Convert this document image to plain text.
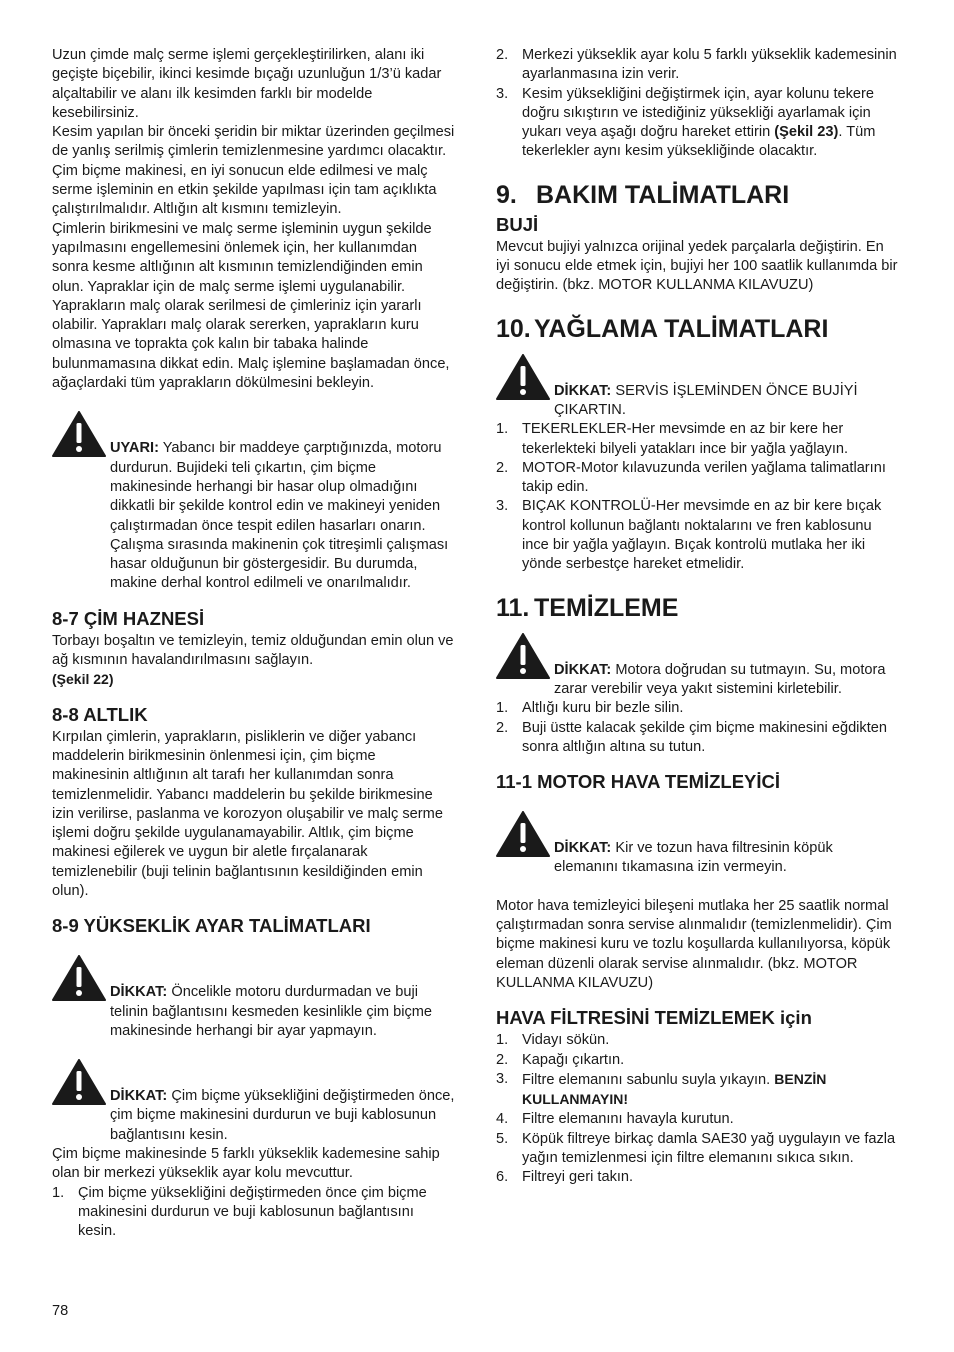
Uzun çimde malç serme işlemi gerçekleştirilirken, alanı iki geçişte biçebilir, ikinci kesimde bıçağı uzunluğun 1/3’ü kadar alçaltabilir ve alanı ilk kesimden farklı bir modelde kesebilirsiniz.

Kesim yapılan bir önceki şeridin bir miktar üzerinden geçilmesi de yanlış serilmiş çimlerin temizlenmesine yardımcı olacaktır. Çim biçme makinesi, en iyi sonucun elde edilmesi ve malç serme işleminin en etkin şekilde yapılması için tam açıklıkta çalıştırılmalıdır. Altlığın alt kısmını temizleyin.

Çimlerin birikmesini ve malç serme işleminin uygun şekilde yapılmasını engellemesini önlemek için, her kullanımdan sonra kesme altlığının alt kısmının temizlendiğinden emin olun. Yapraklar için de malç serme işlemi uygulanabilir. Yaprakların malç olarak serilmesi de çimleriniz için yararlı olabilir. Yaprakları malç olarak sererken, yaprakların kuru olmasına ve toprakta çok kalın bir tabaka halinde bulunmamasına dikkat edin. Malç işlemine başlamadan önce, ağaçlardaki tüm yaprakların dökülmesini bekleyin.

UYARI: Yabancı bir maddeye çarptığınızda, motoru durdurun. Bujideki teli çıkartın, çim biçme makinesinde herhangi bir hasar olup olmadığını dikkatli bir şekilde kontrol edin ve makineyi yeniden çalıştırmadan önce tespit edilen hasarları onarın. Çalışma sırasında makinenin çok titreşimli çalışması hasar olduğunun bir göstergesidir. Bu durumda, makine derhal kontrol edilmeli ve onarılmalıdır.

8-7 ÇİM HAZNESİ

Torbayı boşaltın ve temizleyin, temiz olduğundan emin olun ve ağ kısmının havalandırılmasını sağlayın.

(Şekil 22)

8-8 ALTLIK

Kırpılan çimlerin, yaprakların, pisliklerin ve diğer yabancı maddelerin birikmesinin önlenmesi için, çim biçme makinesinin altlığının alt tarafı her kullanımdan sonra temizlenmelidir. Yabancı maddelerin bu şekilde birikmesine izin verilirse, paslanma ve korozyon oluşabilir ve malç serme işlemi doğru şekilde uygulanamayabilir. Altlık, çim biçme makinesi eğilerek ve uygun bir aletle fırçalanarak temizlenebilir (buji telinin bağlantısının kesildiğinden emin olun).

8-9 YÜKSEKLİK AYAR TALİMATLARI

DİKKAT: Öncelikle motoru durdurmadan ve buji telinin bağlantısını kesmeden kesinlikle çim biçme makinesinde herhangi bir ayar yapmayın.

DİKKAT: Çim biçme yüksekliğini değiştirmeden önce, çim biçme makinesini durdurun ve buji kablosunun bağlantısını kesin.

Çim biçme makinesinde 5 farklı yükseklik kademesine sahip olan bir merkezi yükseklik ayar kolu mevcuttur.

1. Çim biçme yüksekliğini değiştirmeden önce çim biçme makinesini durdurun ve buji kablosunun bağlantısını kesin.
2. Merkezi yükseklik ayar kolu 5 farklı yükseklik kademesinin ayarlanmasına izin verir.
3. Kesim yüksekliğini değiştirmek için, ayar kolunu tekere doğru sıkıştırın ve istediğiniz yüksekliği ayarlamak için yukarı veya aşağı doğru hareket ettirin (Şekil 23). Tüm tekerlekler aynı kesim yüksekliğinde olacaktır.
9. BAKIM TALİMATLARI
BUJİ

Mevcut bujiyi yalnızca orijinal yedek parçalarla değiştirin. En iyi sonucu elde etmek için, bujiyi her 100 saatlik kullanımda bir değiştirin. (bkz. MOTOR KULLANMA KILAVUZU)

10. YAĞLAMA TALİMATLARI

DİKKAT: SERVİS İŞLEMİNDEN ÖNCE BUJİYİ ÇIKARTIN.

1. TEKERLEKLER-Her mevsimde en az bir kere her tekerlekteki bilyeli yatakları ince bir yağla yağlayın.
2. MOTOR-Motor kılavuzunda verilen yağlama talimatlarını takip edin.
3. BIÇAK KONTROLÜ-Her mevsimde en az bir kere bıçak kontrol kollunun bağlantı noktalarını ve fren kablosunu ince bir yağla yağlayın. Bıçak kontrolü mutlaka her iki yönde serbestçe hareket etmelidir.
11. TEMİZLEME

DİKKAT: Motora doğrudan su tutmayın. Su, motora zarar verebilir veya yakıt sistemini kirletebilir.

1. Altlığı kuru bir bezle silin.
2. Buji üstte kalacak şekilde çim biçme makinesini eğdikten sonra altlığın altına su tutun.
11-1 MOTOR HAVA TEMİZLEYİCİ

DİKKAT: Kir ve tozun hava filtresinin köpük elemanını tıkamasına izin vermeyin.

Motor hava temizleyici bileşeni mutlaka her 25 saatlik normal çalıştırmadan sonra servise alınmalıdır (temizlenmelidir). Çim biçme makinesi kuru ve tozlu koşullarda kullanılıyorsa, köpük eleman düzenli olarak servise alınmalıdır. (bkz. MOTOR KULLANMA KILAVUZU)

HAVA FİLTRESİNİ TEMİZLEMEK için
1. Vidayı sökün.
2. Kapağı çıkartın.
3. Filtre elemanını sabunlu suyla yıkayın. BENZİN KULLANMAYIN!
4. Filtre elemanını havayla kurutun.
5. Köpük filtreye birkaç damla SAE30 yağ uygulayın ve fazla yağın temizlenmesi için filtre elemanını sıkıca sıkın.
6. Filtreyi geri takın.
78
